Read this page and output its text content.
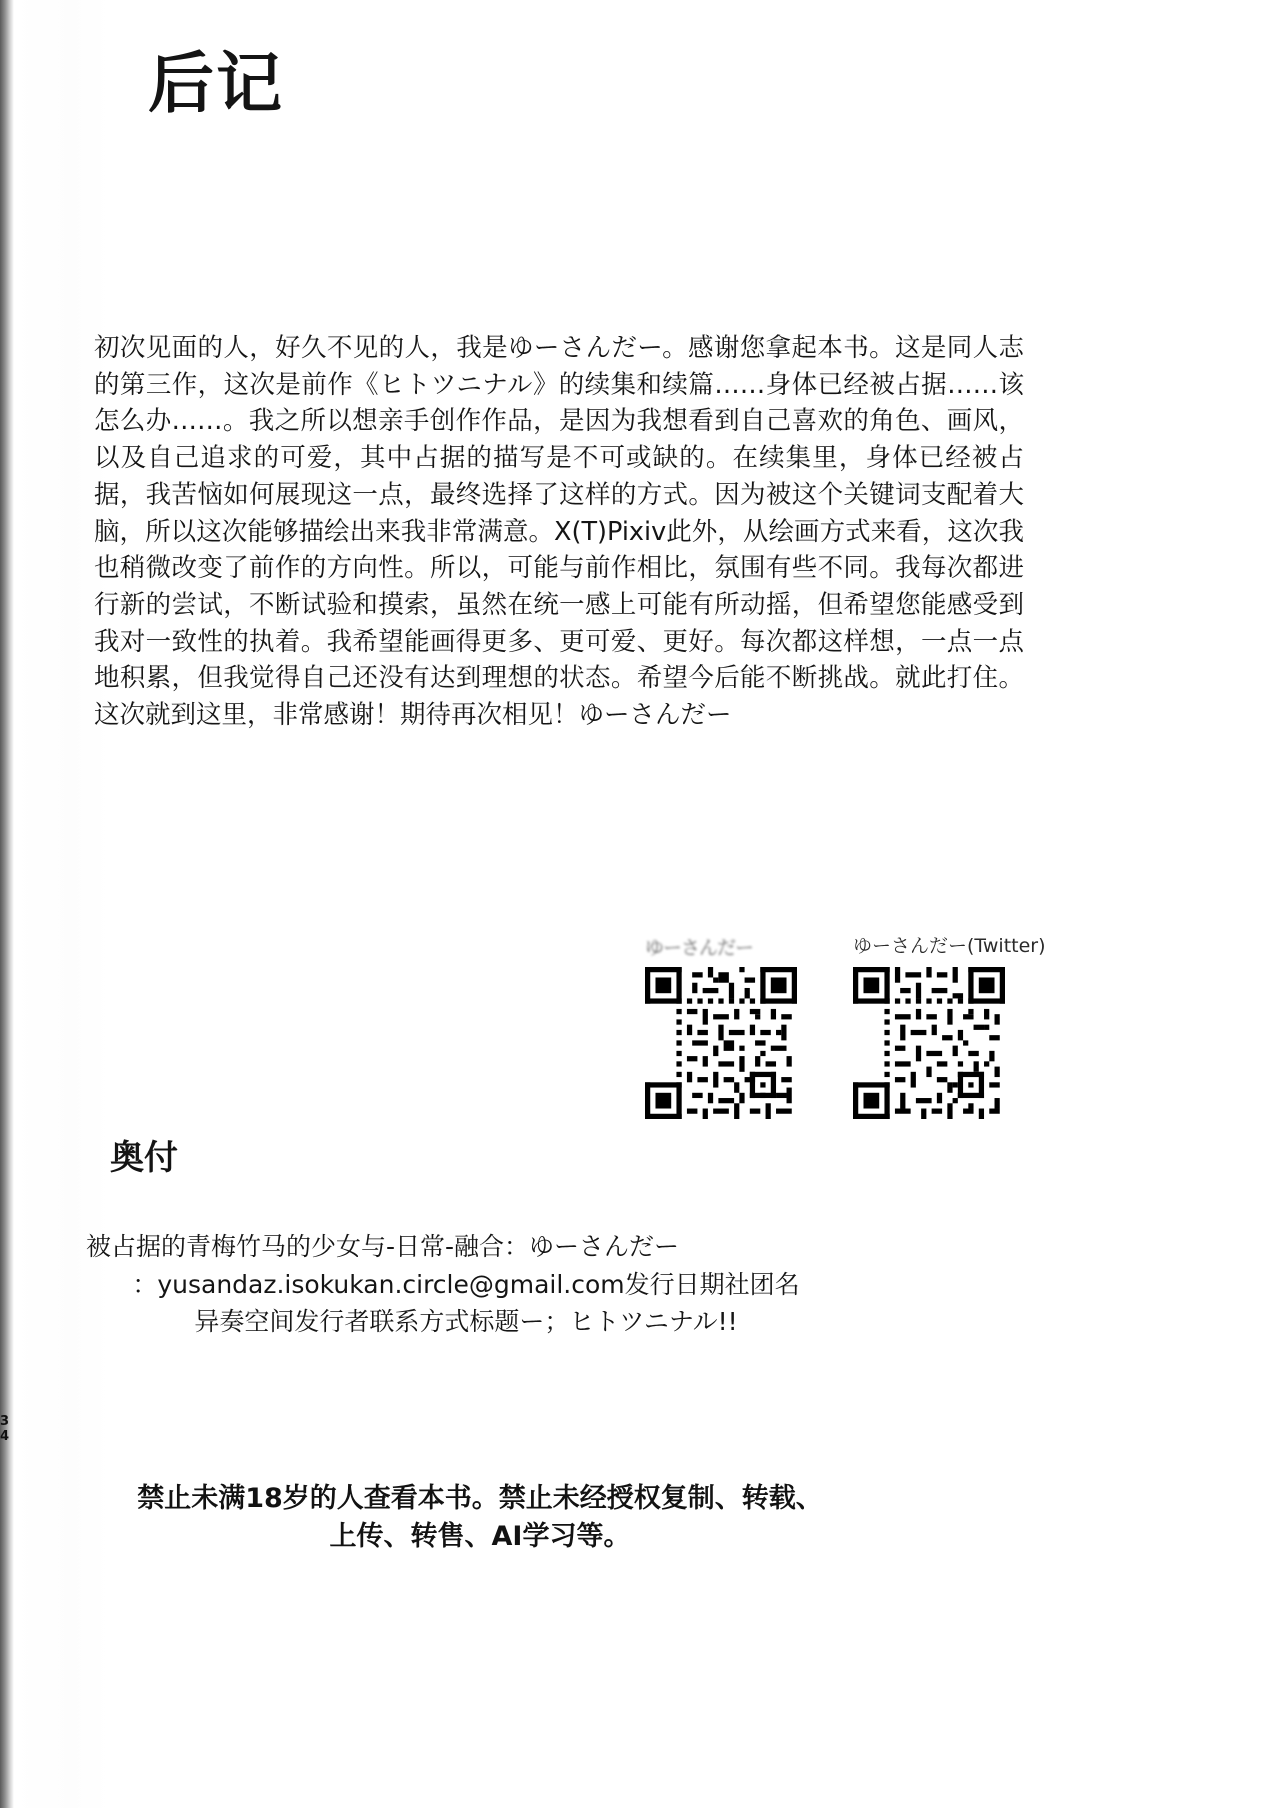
后记
初次见面的人，好久不见的人，我是ゆーさんだー。感谢您拿起本书。这是同人志的第三作，这次是前作《ヒトツニナル》的续集和续篇……身体已经被占据……该怎么办……。我之所以想亲手创作作品，是因为我想看到自己喜欢的角色、画风，以及自己追求的可爱，其中占据的描写是不可或缺的。在续集里，身体已经被占据，我苦恼如何展现这一点，最终选择了这样的方式。因为被这个关键词支配着大脑，所以这次能够描绘出来我非常满意。X(T)Pixiv此外，从绘画方式来看，这次我也稍微改变了前作的方向性。所以，可能与前作相比，氛围有些不同。我每次都进行新的尝试，不断试验和摸索，虽然在统一感上可能有所动摇，但希望您能感受到我对一致性的执着。我希望能画得更多、更可爱、更好。每次都这样想，一点一点地积累，但我觉得自己还没有达到理想的状态。希望今后能不断挑战。就此打住。这次就到这里，非常感谢！期待再次相见！ゆーさんだー
ゆーさんだー	ゆーさんだー(Twitter)
奥付
被占据的青梅竹马的少女与-日常-融合：ゆーさんだー
：yusandaz.isokukan.circle@gmail.com发行日期社团名
异奏空间发行者联系方式标题ー；ヒトツニナル!!
3
4
禁止未满18岁的人查看本书。禁止未经授权复制、转载、
上传、转售、AI学习等。
